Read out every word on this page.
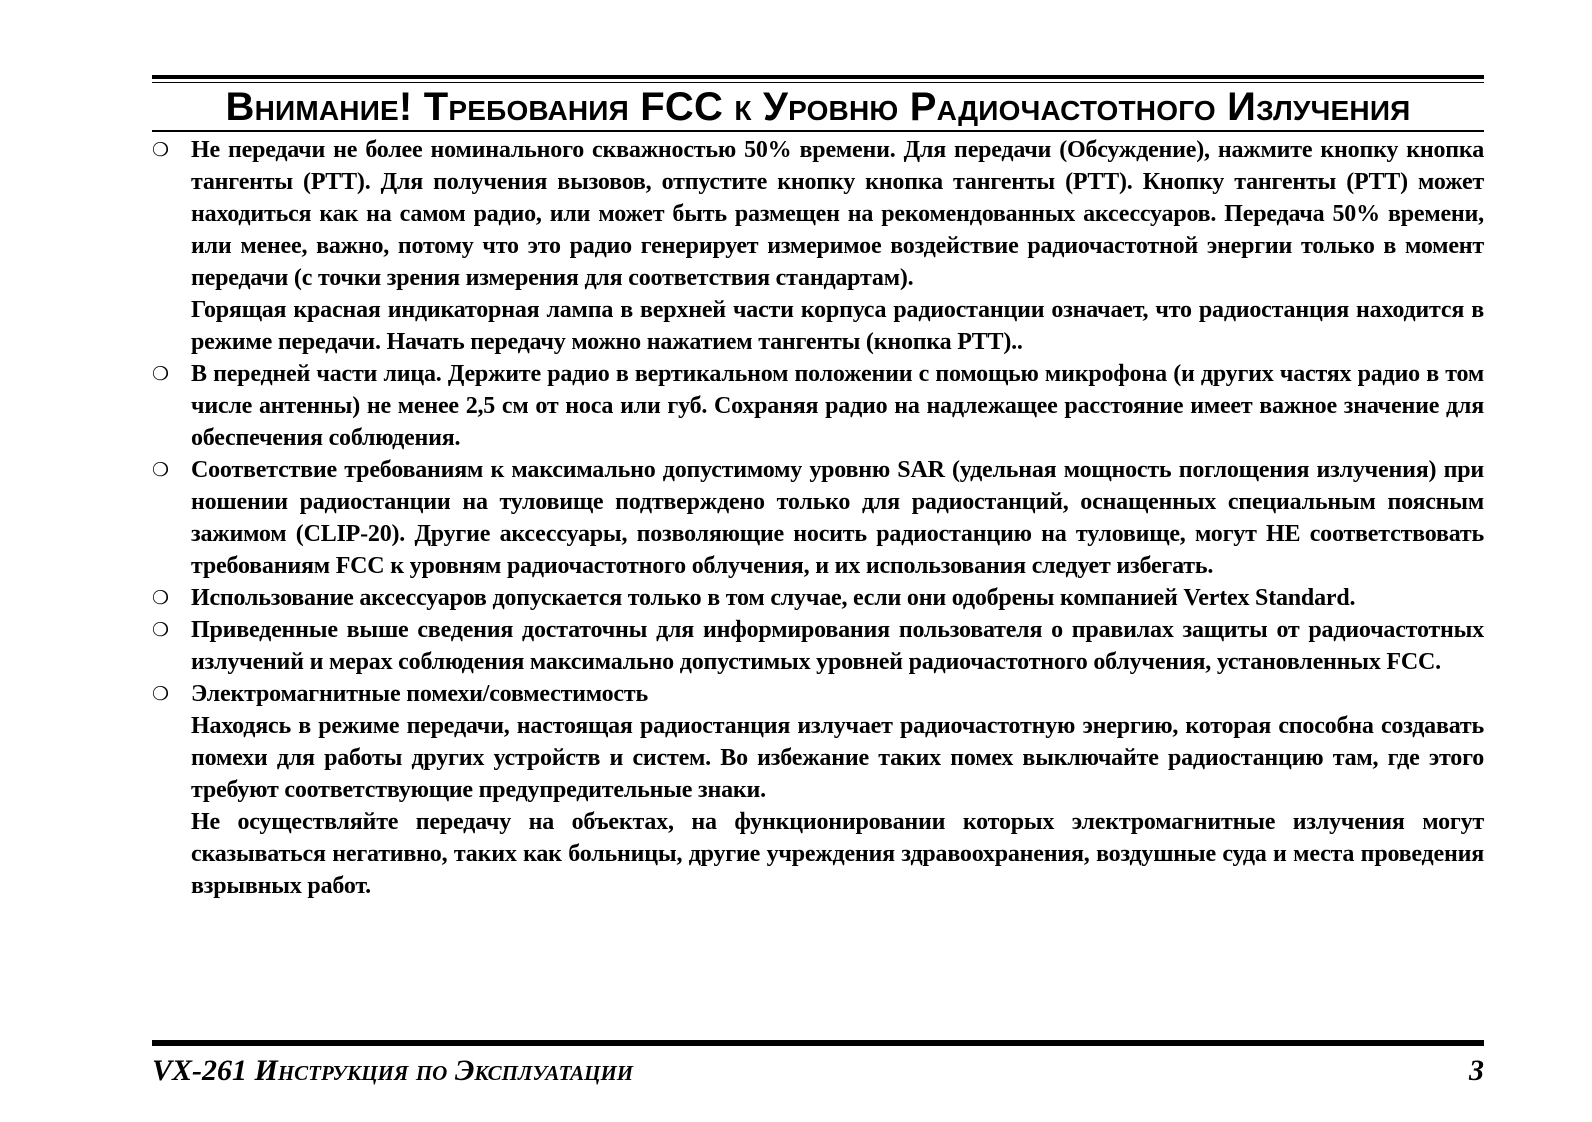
Внимание! Требования FCC к Уровню Радиочастотного Излучения
❍ Не передачи не более номинального скважностью 50% времени. Для передачи (Обсуждение), нажмите кнопку кнопка тангенты (PTT). Для получения вызовов, отпустите кнопку кнопка тангенты (PTT). Кнопку тангенты (PTT) может находиться как на самом радио, или может быть размещен на рекомендованных аксессуаров. Передача 50% времени, или менее, важно, потому что это радио генерирует измеримое воздействие радиочастотной энергии только в момент передачи (с точки зрения измерения для соответствия стандартам).

Горящая красная индикаторная лампа в верхней части корпуса радиостанции означает, что радиостанция находится в режиме передачи. Начать передачу можно нажатием тангенты (кнопка PTT)..

❍ В передней части лица. Держите радио в вертикальном положении с помощью микрофона (и других частях радио в том числе антенны) не менее 2,5 см от носа или губ. Сохраняя радио на надлежащее расстояние имеет важное значение для обеспечения соблюдения.

❍ Соответствие требованиям к максимально допустимому уровню SAR (удельная мощность поглощения излучения) при ношении радиостанции на туловище подтверждено только для радиостанций, оснащенных специальным поясным зажимом (CLIP-20). Другие аксессуары, позволяющие носить радиостанцию на туловище, могут НЕ соответствовать требованиям FCC к уровням радиочастотного облучения, и их использования следует избегать.

❍ Использование аксессуаров допускается только в том случае, если они одобрены компанией Vertex Standard.

❍ Приведенные выше сведения достаточны для информирования пользователя о правилах защиты от радиочастотных излучений и мерах соблюдения максимально допустимых уровней радиочастотного облучения, установленных FCC.

❍ Электромагнитные помехи/совместимость

Находясь в режиме передачи, настоящая радиостанция излучает радиочастотную энергию, которая способна создавать помехи для работы других устройств и систем. Во избежание таких помех выключайте радиостанцию там, где этого требуют соответствующие предупредительные знаки.

Не осуществляйте передачу на объектах, на функционировании которых электромагнитные излучения могут сказываться негативно, таких как больницы, другие учреждения здравоохранения, воздушные суда и места проведения взрывных работ.

VX-261 Инструкция по Эксплуатации	3
